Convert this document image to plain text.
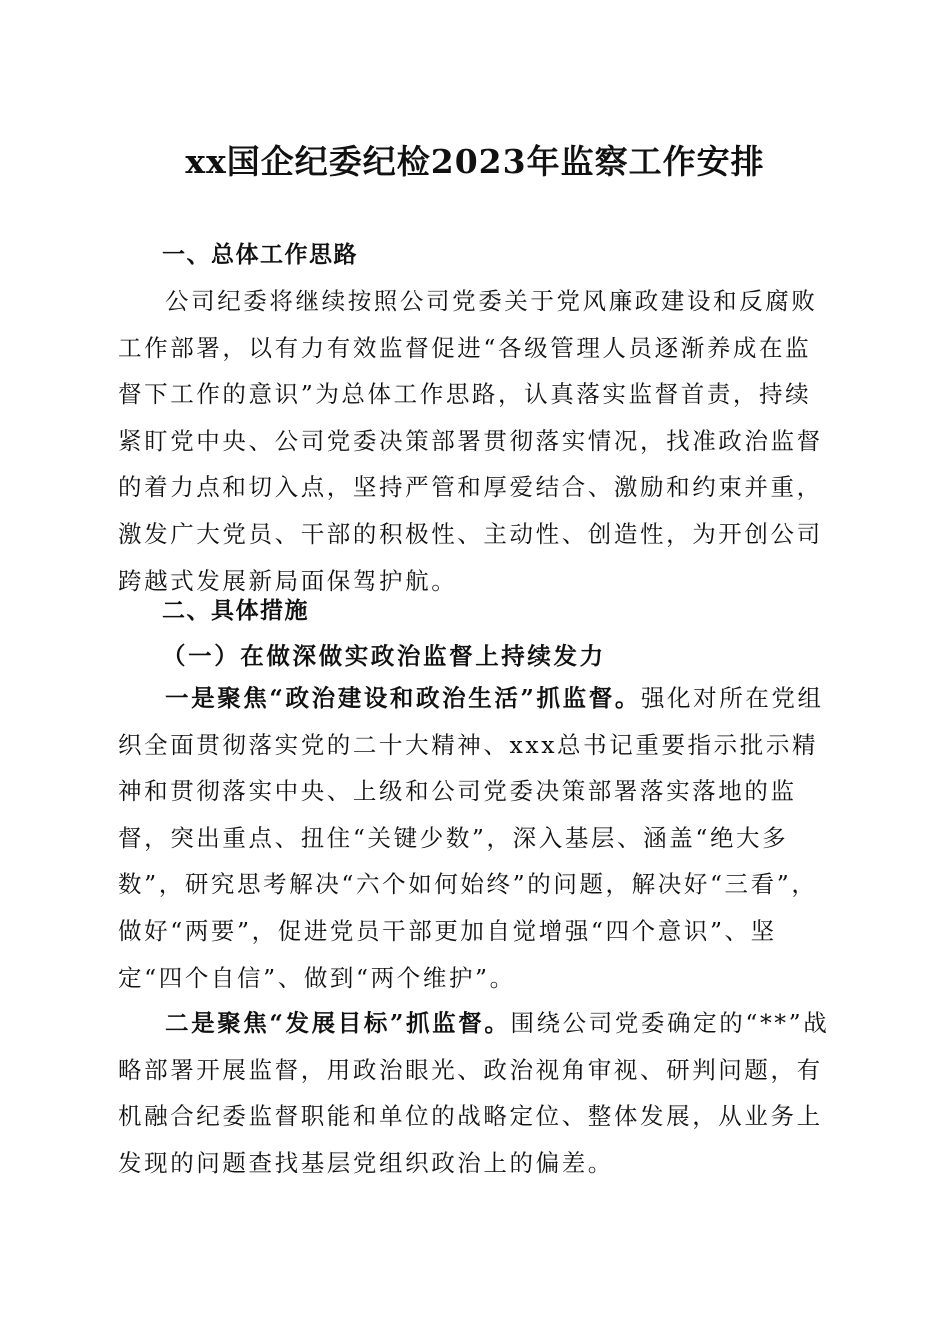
xx国企纪委纪检2023年监察工作安排
一、总体工作思路

公司纪委将继续按照公司党委关于党风廉政建设和反腐败工作部署，以有力有效监督促进“各级管理人员逐渐养成在监督下工作的意识”为总体工作思路，认真落实监督首责，持续紧盯党中央、公司党委决策部署贯彻落实情况，找准政治监督的着力点和切入点，坚持严管和厚爱结合、激励和约束并重，激发广大党员、干部的积极性、主动性、创造性，为开创公司跨越式发展新局面保驾护航。

二、具体措施
（一）在做深做实政治监督上持续发力

一是聚焦“政治建设和政治生活”抓监督。强化对所在党组织全面贯彻落实党的二十大精神、xxx总书记重要指示批示精神和贯彻落实中央、上级和公司党委决策部署落实落地的监督，突出重点、扭住“关键少数”，深入基层、涵盖“绝大多数”，研究思考解决“六个如何始终”的问题，解决好“三看”，做好“两要”，促进党员干部更加自觉增强“四个意识”、坚定“四个自信”、做到“两个维护”。

二是聚焦“发展目标”抓监督。围绕公司党委确定的“**”战略部署开展监督，用政治眼光、政治视角审视、研判问题，有机融合纪委监督职能和单位的战略定位、整体发展，从业务上发现的问题查找基层党组织政治上的偏差。
